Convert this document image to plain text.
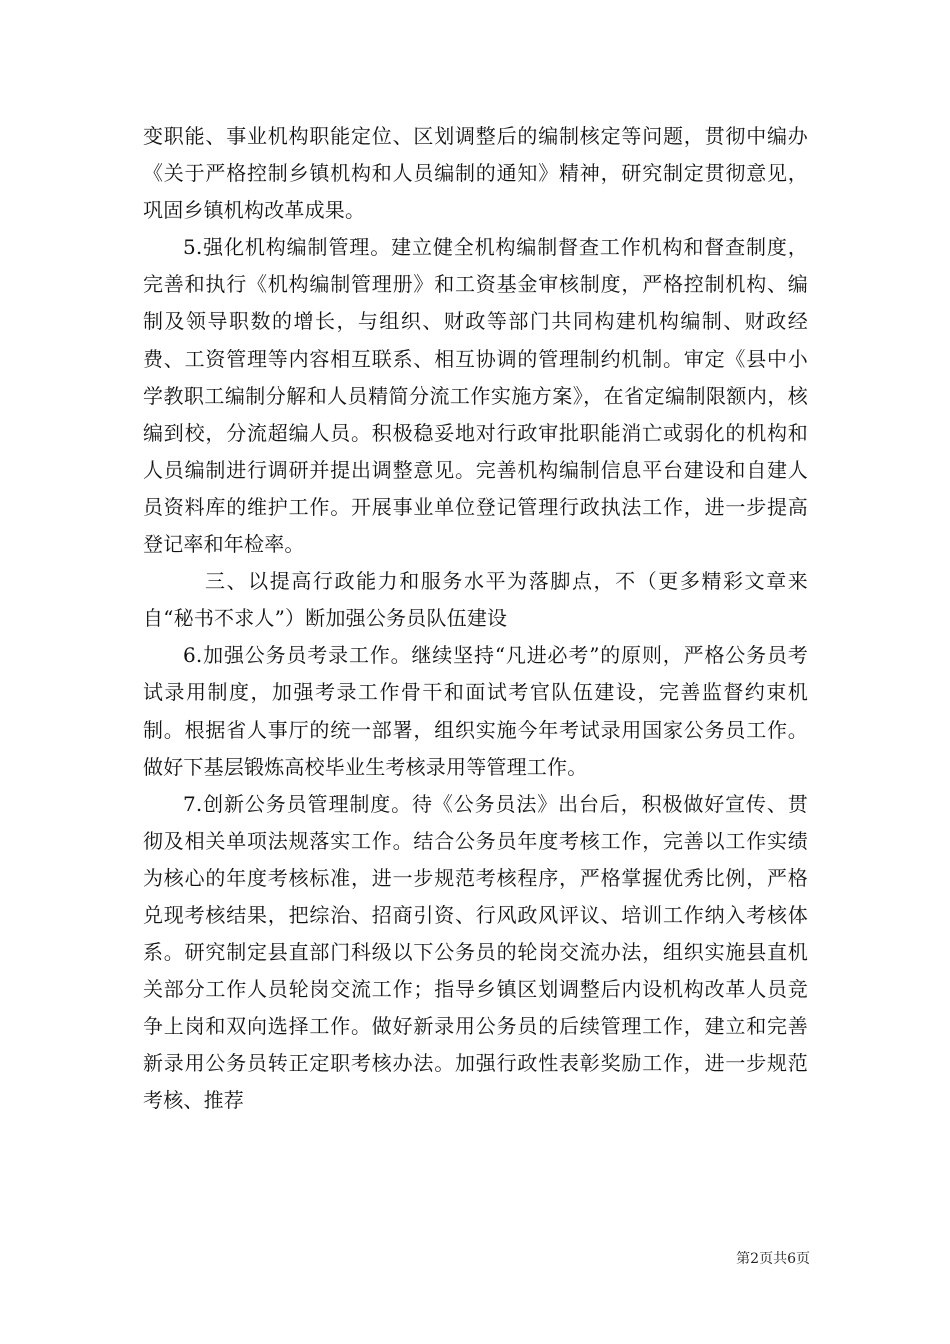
变职能、事业机构职能定位、区划调整后的编制核定等问题，贯彻中编办《关于严格控制乡镇机构和人员编制的通知》精神，研究制定贯彻意见，巩固乡镇机构改革成果。

5.强化机构编制管理。建立健全机构编制督查工作机构和督查制度，完善和执行《机构编制管理册》和工资基金审核制度，严格控制机构、编制及领导职数的增长，与组织、财政等部门共同构建机构编制、财政经费、工资管理等内容相互联系、相互协调的管理制约机制。审定《县中小学教职工编制分解和人员精简分流工作实施方案》，在省定编制限额内，核编到校，分流超编人员。积极稳妥地对行政审批职能消亡或弱化的机构和人员编制进行调研并提出调整意见。完善机构编制信息平台建设和自建人员资料库的维护工作。开展事业单位登记管理行政执法工作，进一步提高登记率和年检率。

三、以提高行政能力和服务水平为落脚点，不（更多精彩文章来自“秘书不求人”）断加强公务员队伍建设

6.加强公务员考录工作。继续坚持“凡进必考”的原则，严格公务员考试录用制度，加强考录工作骨干和面试考官队伍建设，完善监督约束机制。根据省人事厅的统一部署，组织实施今年考试录用国家公务员工作。做好下基层锻炼高校毕业生考核录用等管理工作。

7.创新公务员管理制度。待《公务员法》出台后，积极做好宣传、贯彻及相关单项法规落实工作。结合公务员年度考核工作，完善以工作实绩为核心的年度考核标准，进一步规范考核程序，严格掌握优秀比例，严格兑现考核结果，把综治、招商引资、行风政风评议、培训工作纳入考核体系。研究制定县直部门科级以下公务员的轮岗交流办法，组织实施县直机关部分工作人员轮岗交流工作；指导乡镇区划调整后内设机构改革人员竞争上岗和双向选择工作。做好新录用公务员的后续管理工作，建立和完善新录用公务员转正定职考核办法。加强行政性表彰奖励工作，进一步规范考核、推荐

第2页共6页
